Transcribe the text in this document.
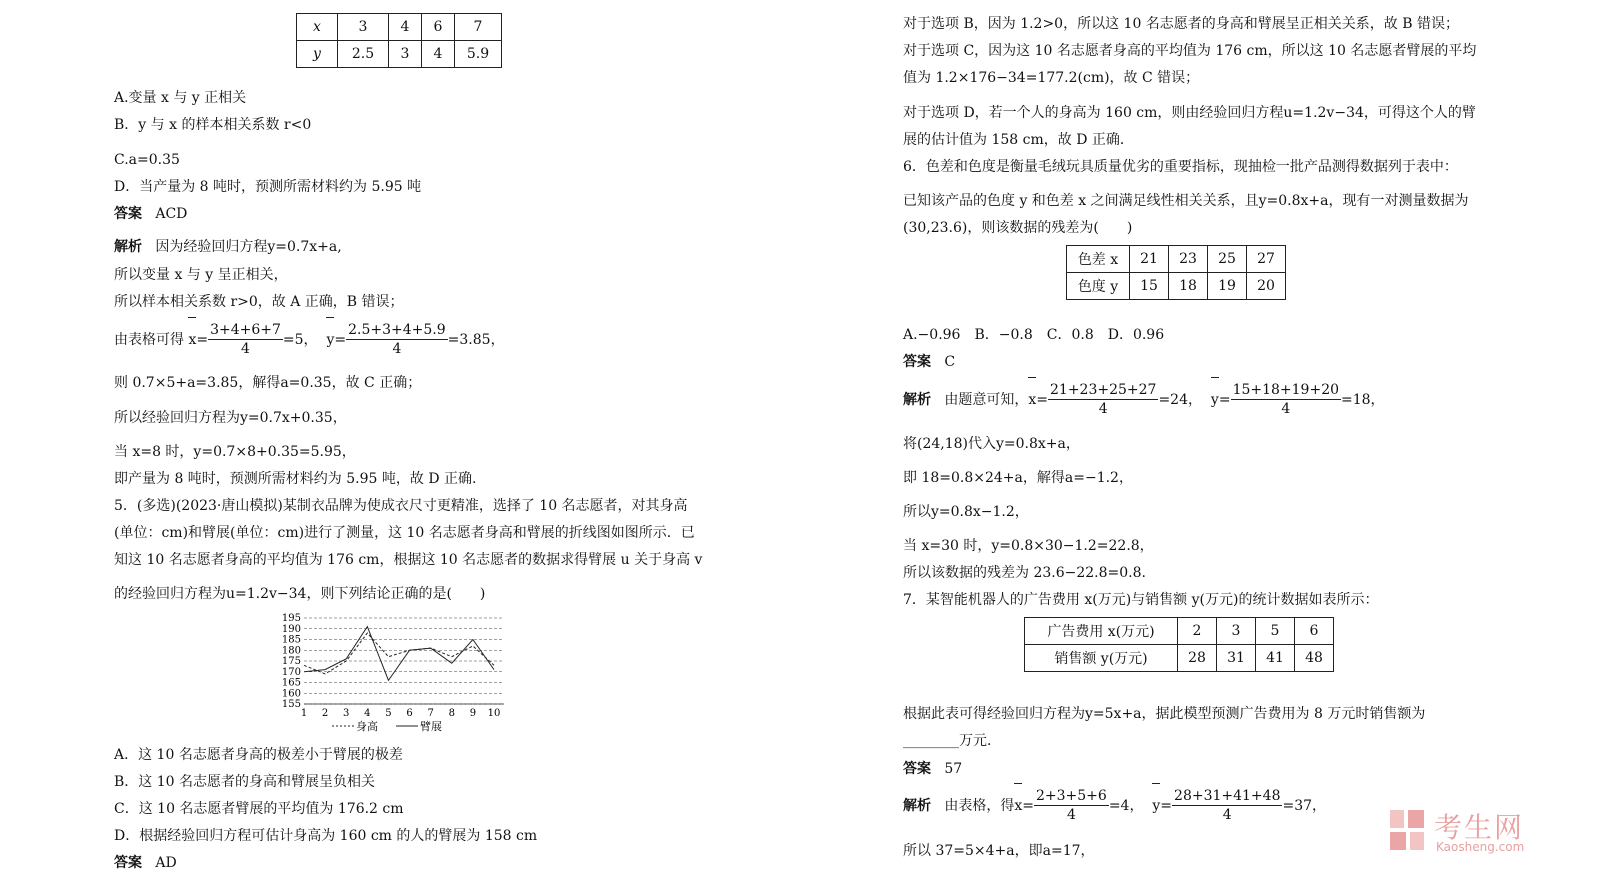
x	3	4	6	7
y	2.5	3	4	5.9
A.变量 x 与 y 正相关
B．y 与 x 的样本相关系数 r<0
C.a=0.35
D．当产量为 8 吨时，预测所需材料约为 5.95 吨
答案 ACD
解析 因为经验回归方程y=0.7x+a,
所以变量 x 与 y 呈正相关，
所以样本相关系数 r>0，故 A 正确，B 错误；
由表格可得 $x= \frac{3+4+6+7}{4} =5$， $y= \frac{2.5+3+4+5.9}{4} =3.85$，
则 0.7×5+a=3.85，解得a=0.35，故 C 正确；
所以经验回归方程为y=0.7x+0.35，
当 x=8 时，y=0.7×8+0.35=5.95，
即产量为 8 吨时，预测所需材料约为 5.95 吨，故 D 正确.
5．(多选)(2023·唐山模拟)某制衣品牌为使成衣尺寸更精准，选择了 10 名志愿者，对其身高
(单位：cm)和臂展(单位：cm)进行了测量，这 10 名志愿者身高和臂展的折线图如图所示．已
知这 10 名志愿者身高的平均值为 176 cm，根据这 10 名志愿者的数据求得臂展 u 关于身高 v
的经验回归方程为u=1.2v−34，则下列结论正确的是(　　)
155
160
165
170
175
180
185
190
195
1 2 3 4 5 6 7 8 9 10
身高	臂展
A．这 10 名志愿者身高的极差小于臂展的极差
B．这 10 名志愿者的身高和臂展呈负相关
C．这 10 名志愿者臂展的平均值为 176.2 cm
D．根据经验回归方程可估计身高为 160 cm 的人的臂展为 158 cm
答案 AD
对于选项 B，因为 1.2>0，所以这 10 名志愿者的身高和臂展呈正相关关系，故 B 错误；
对于选项 C，因为这 10 名志愿者身高的平均值为 176 cm，所以这 10 名志愿者臂展的平均
值为 1.2×176−34=177.2(cm)，故 C 错误；
对于选项 D，若一个人的身高为 160 cm，则由经验回归方程u=1.2v−34，可得这个人的臂
展的估计值为 158 cm，故 D 正确．
6．色差和色度是衡量毛绒玩具质量优劣的重要指标，现抽检一批产品测得数据列于表中：
已知该产品的色度 y 和色差 x 之间满足线性相关关系，且y=0.8x+a，现有一对测量数据为
(30,23.6)，则该数据的残差为(　　)
色差 x	21	23	25	27
色度 y	15	18	19	20
A.−0.96　B．−0.8　C．0.8　D．0.96
答案 C
解析 由题意可知，$x= \frac{21+23+25+27}{4} =24$， $y= \frac{15+18+19+20}{4} =18$，
将(24,18)代入y=0.8x+a，
即 18=0.8×24+a，解得a=−1.2，
所以y=0.8x−1.2，
当 x=30 时，y=0.8×30−1.2=22.8，
所以该数据的残差为 23.6−22.8=0.8.
7．某智能机器人的广告费用 x(万元)与销售额 y(万元)的统计数据如表所示：
广告费用 x(万元)	2	3	5	6
销售额 y(万元)	28	31	41	48
根据此表可得经验回归方程为y=5x+a，据此模型预测广告费用为 8 万元时销售额为
________万元．
答案 57
解析 由表格，得$x= \frac{2+3+5+6}{4} =4$， $y= \frac{28+31+41+48}{4} =37$，
所以 37=5×4+a，即a=17，
考生网
Kaosheng.com
